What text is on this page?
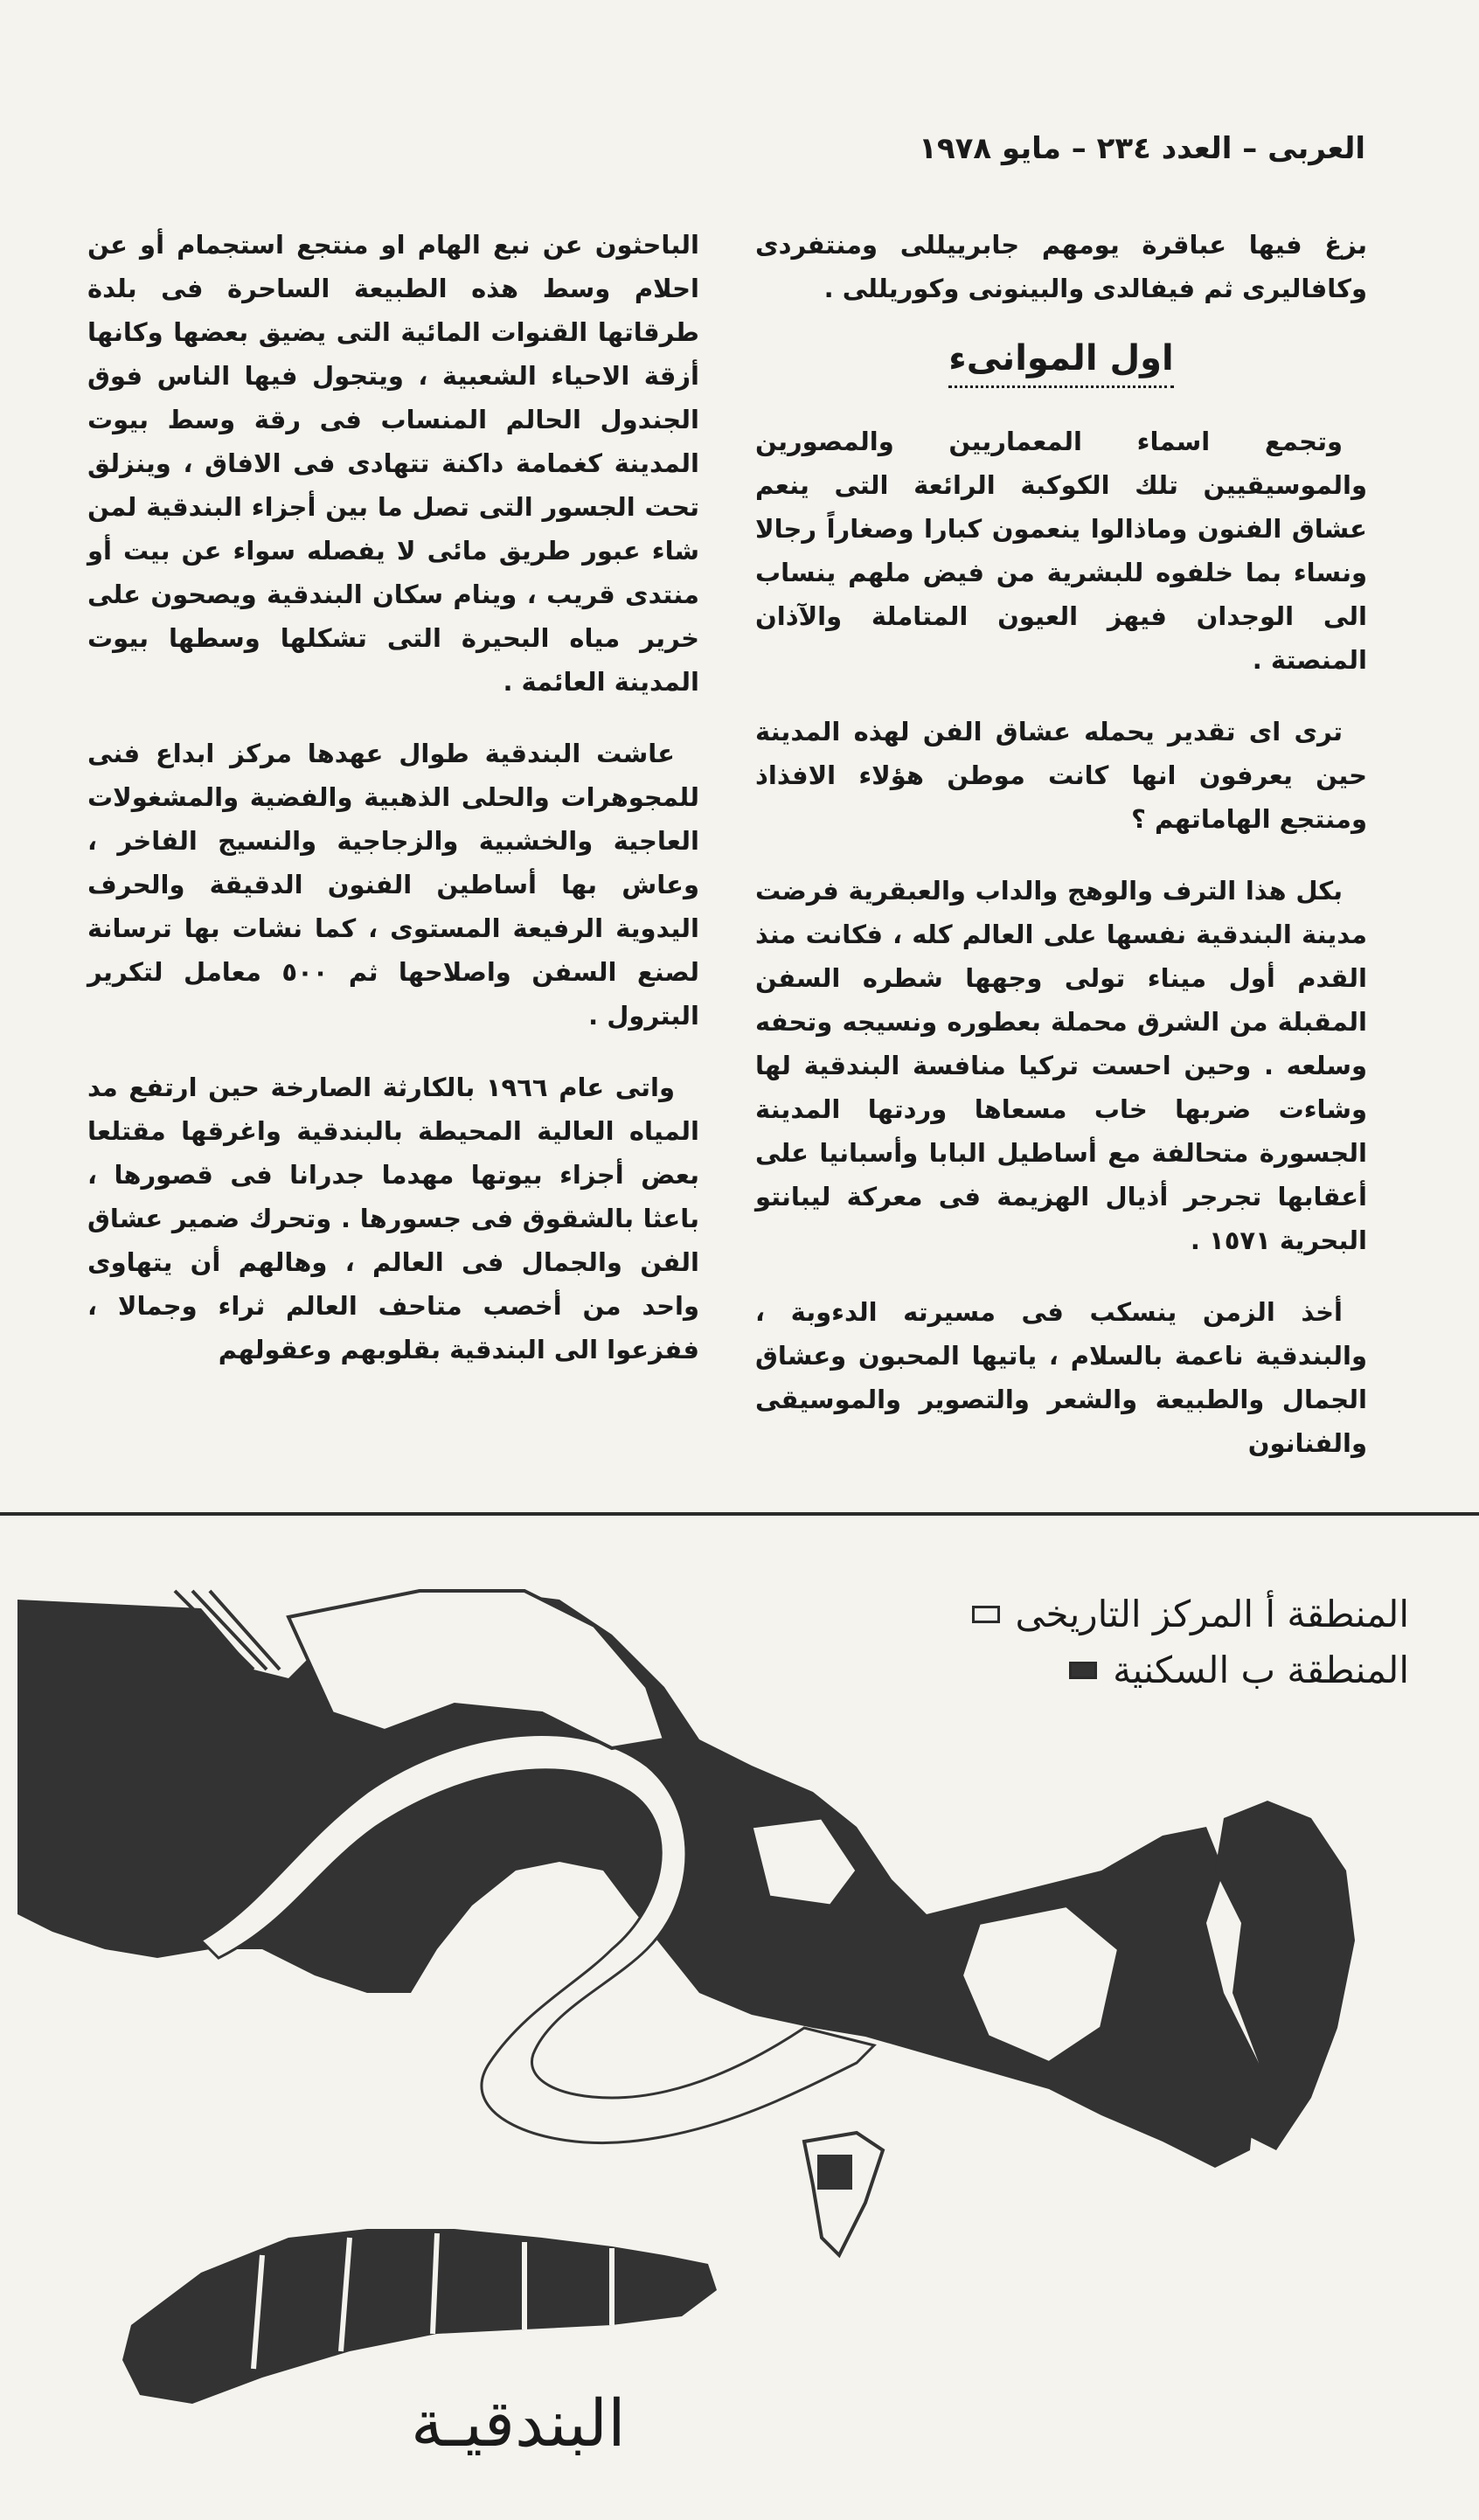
العربى – العدد ٢٣٤ – مايو ١٩٧٨

بزغ فيها عباقرة يومهم جابرييللى ومنتفردى وكافاليرى ثم فيفالدى والبينونى وكوريللى .

اول الموانىء

وتجمع اسماء المعماريين والمصورين والموسيقيين تلك الكوكبة الرائعة التى ينعم عشاق الفنون وماذالوا ينعمون كبارا وصغاراً رجالا ونساء بما خلفوه للبشرية من فيض ملهم ينساب الى الوجدان فيهز العيون المتاملة والآذان المنصتة .

ترى اى تقدير يحمله عشاق الفن لهذه المدينة حين يعرفون انها كانت موطن هؤلاء الافذاذ ومنتجع الهاماتهم ؟

بكل هذا الترف والوهج والداب والعبقرية فرضت مدينة البندقية نفسها على العالم كله ، فكانت منذ القدم أول ميناء تولى وجهها شطره السفن المقبلة من الشرق محملة بعطوره ونسيجه وتحفه وسلعه . وحين احست تركيا منافسة البندقية لها وشاءت ضربها خاب مسعاها وردتها المدينة الجسورة متحالفة مع أساطيل البابا وأسبانيا على أعقابها تجرجر أذيال الهزيمة فى معركة ليبانتو البحرية ١٥٧١ .

أخذ الزمن ينسكب فى مسيرته الدءوبة ، والبندقية ناعمة بالسلام ، ياتيها المحبون وعشاق الجمال والطبيعة والشعر والتصوير والموسيقى والفنانون

الباحثون عن نبع الهام او منتجع استجمام أو عن احلام وسط هذه الطبيعة الساحرة فى بلدة طرقاتها القنوات المائية التى يضيق بعضها وكانها أزقة الاحياء الشعبية ، ويتجول فيها الناس فوق الجندول الحالم المنساب فى رقة وسط بيوت المدينة كغمامة داكنة تتهادى فى الافاق ، وينزلق تحت الجسور التى تصل ما بين أجزاء البندقية لمن شاء عبور طريق مائى لا يفصله سواء عن بيت أو منتدى قريب ، وينام سكان البندقية ويصحون على خرير مياه البحيرة التى تشكلها وسطها بيوت المدينة العائمة .

عاشت البندقية طوال عهدها مركز ابداع فنى للمجوهرات والحلى الذهبية والفضية والمشغولات العاجية والخشبية والزجاجية والنسيج الفاخر ، وعاش بها أساطين الفنون الدقيقة والحرف اليدوية الرفيعة المستوى ، كما نشات بها ترسانة لصنع السفن واصلاحها ثم ٥٠٠ معامل لتكرير البترول .

واتى عام ١٩٦٦ بالكارثة الصارخة حين ارتفع مد المياه العالية المحيطة بالبندقية واغرقها مقتلعا بعض أجزاء بيوتها مهدما جدرانا فى قصورها ، باعثا بالشقوق فى جسورها . وتحرك ضمير عشاق الفن والجمال فى العالم ، وهالهم أن يتهاوى واحد من أخصب متاحف العالم ثراء وجمالا ، ففزعوا الى البندقية بقلوبهم وعقولهم

المنطقة أ المركز التاريخى
المنطقة ب السكنية
البندقيـة
